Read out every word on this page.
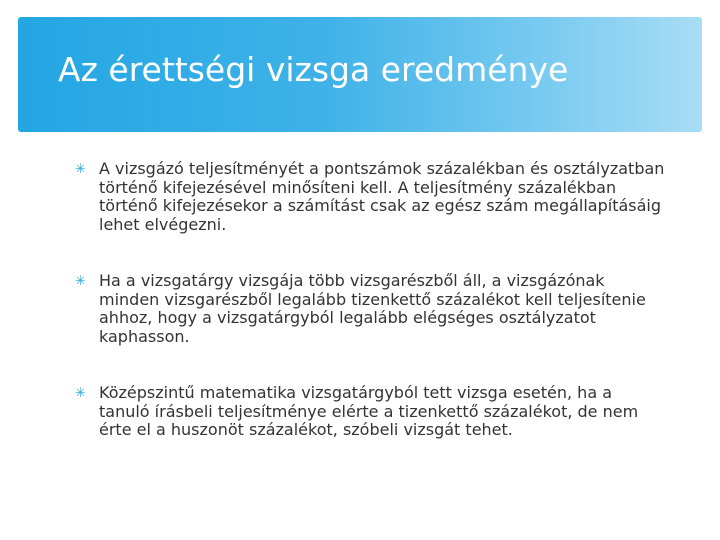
Az érettségi vizsga eredménye
✳ A vizsgázó teljesítményét a pontszámok százalékban és osztályzatban történő kifejezésével minősíteni kell. A teljesítmény százalékban történő kifejezésekor a számítást csak az egész szám megállapításáig lehet elvégezni.
✳ Ha a vizsgatárgy vizsgája több vizsgarészből áll, a vizsgázónak minden vizsgarészből legalább tizenkettő százalékot kell teljesítenie ahhoz, hogy a vizsgatárgyból legalább elégséges osztályzatot kaphasson.
✳ Középszintű matematika vizsgatárgyból tett vizsga esetén, ha a tanuló írásbeli teljesítménye elérte a tizenkettő százalékot, de nem érte el a huszonöt százalékot, szóbeli vizsgát tehet.
